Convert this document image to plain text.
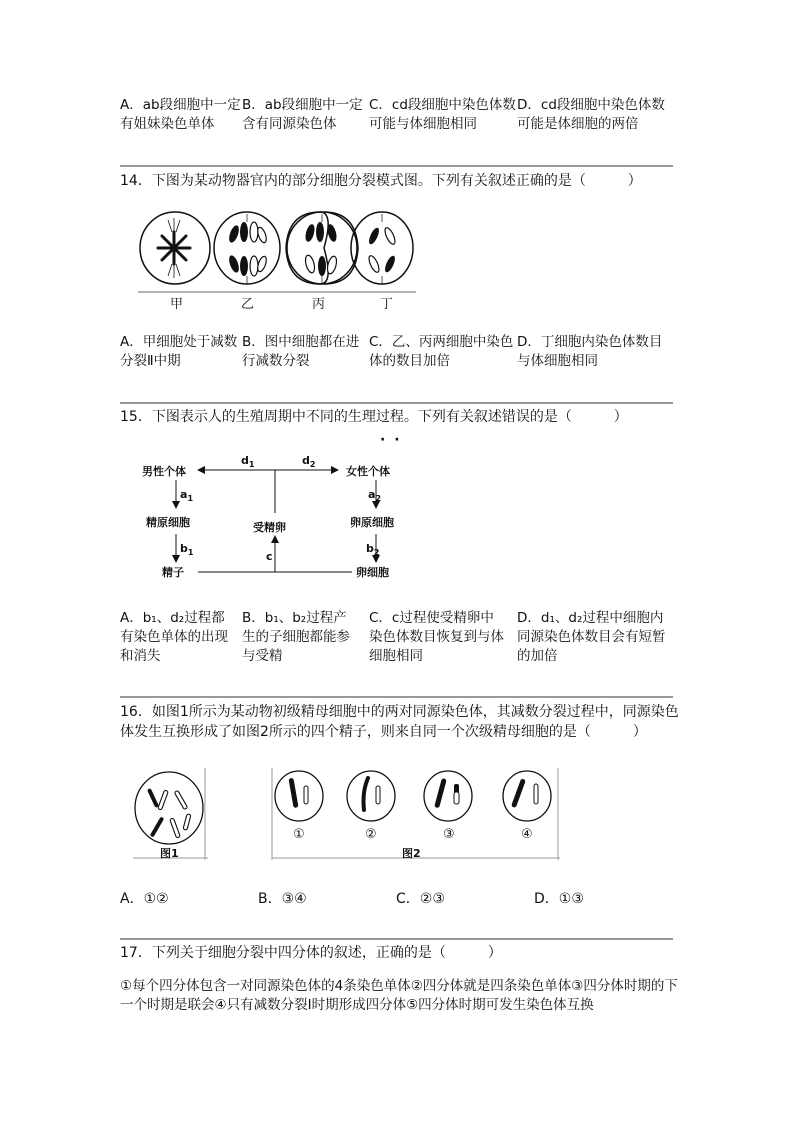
A．ab段细胞中一定有姐妹染色单体
B．ab段细胞中一定含有同源染色体
C．cd段细胞中染色体数可能与体细胞相同
D．cd段细胞中染色体数可能是体细胞的两倍
14．下图为某动物器官内的部分细胞分裂模式图。下列有关叙述正确的是（　　　）
甲	乙	丙	丁
A．甲细胞处于减数分裂Ⅱ中期
B．图中细胞都在进行减数分裂
C．乙、丙两细胞中染色体的数目加倍
D．丁细胞内染色体数目与体细胞相同
15．下图表示人的生殖周期中不同的生理过程。下列有关叙述错误的是（　　　）
· ·
男性个体	女性个体
精原细胞	卵原细胞
受精卵
精子	卵细胞
$a_1$	$a_2$
$b_1$	$b_2$
c
$d_1$	$d_2$
A．b₁、d₂过程都
有染色单体的出现
和消失
B．b₁、b₂过程产
生的子细胞都能参
与受精
C．c过程使受精卵中
染色体数目恢复到与体
细胞相同
D．d₁、d₂过程中细胞内
同源染色体数目会有短暂
的加倍
16．如图1所示为某动物初级精母细胞中的两对同源染色体，其减数分裂过程中，同源染色体发生互换形成了如图2所示的四个精子，则来自同一个次级精母细胞的是（　　　）
图1
①	②	③	④
图2
A．①②	B．③④	C．②③	D．①③
17．下列关于细胞分裂中四分体的叙述，正确的是（　　　）
①每个四分体包含一对同源染色体的4条染色单体②四分体就是四条染色单体③四分体时期的下一个时期是联会④只有减数分裂Ⅰ时期形成四分体⑤四分体时期可发生染色体互换
